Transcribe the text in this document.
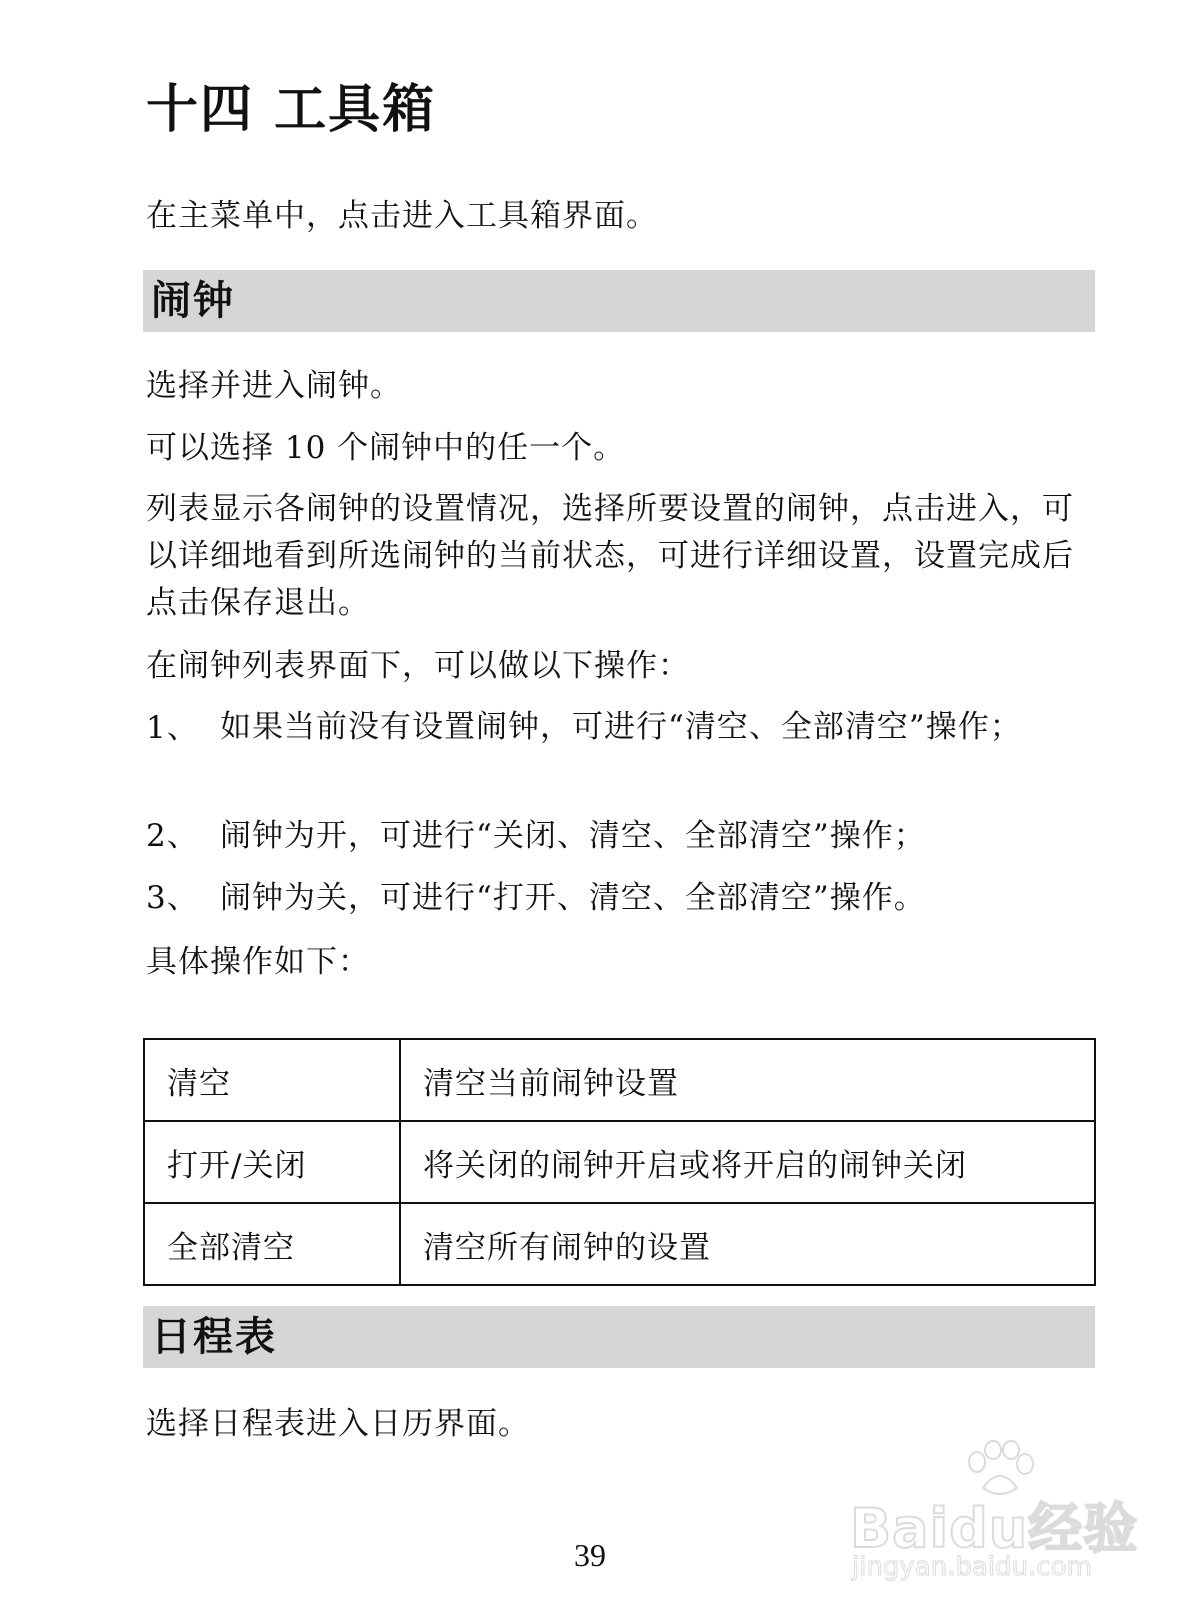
十四 工具箱
在主菜单中，点击进入工具箱界面。
闹钟
选择并进入闹钟。
可以选择 10 个闹钟中的任一个。
列表显示各闹钟的设置情况，选择所要设置的闹钟，点击进入，可以详细地看到所选闹钟的当前状态，可进行详细设置，设置完成后点击保存退出。
在闹钟列表界面下，可以做以下操作：
1、 如果当前没有设置闹钟，可进行“清空、全部清空”操作；
2、 闹钟为开，可进行“关闭、清空、全部清空”操作；
3、 闹钟为关，可进行“打开、清空、全部清空”操作。
具体操作如下：
清空	清空当前闹钟设置
打开/关闭	将关闭的闹钟开启或将开启的闹钟关闭
全部清空	清空所有闹钟的设置
日程表
选择日程表进入日历界面。
Baidu经验
jingyan.baidu.com
39
